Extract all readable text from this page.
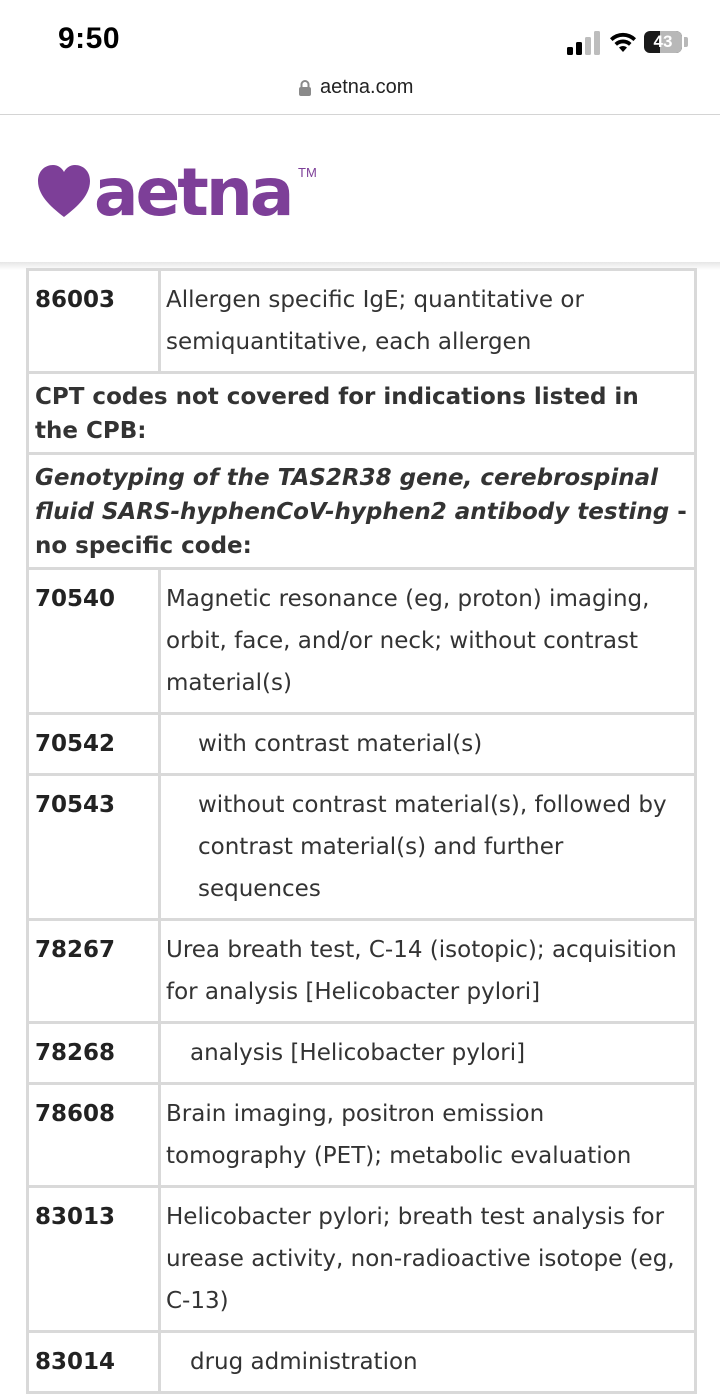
9:50	43
aetna.com
aetna TM
86003	Allergen specific IgE; quantitative or semiquantitative, each allergen
CPT codes not covered for indications listed in the CPB:	
Genotyping of the TAS2R38 gene, cerebrospinal fluid SARS-hyphenCoV-hyphen2 antibody testing - no specific code:	
70540	Magnetic resonance (eg, proton) imaging, orbit, face, and/or neck; without contrast material(s)
70542	with contrast material(s)
70543	without contrast material(s), followed by contrast material(s) and further sequences
78267	Urea breath test, C-14 (isotopic); acquisition for analysis [Helicobacter pylori]
78268	analysis [Helicobacter pylori]
78608	Brain imaging, positron emission tomography (PET); metabolic evaluation
83013	Helicobacter pylori; breath test analysis for urease activity, non-radioactive isotope (eg, C-13)
83014	drug administration
